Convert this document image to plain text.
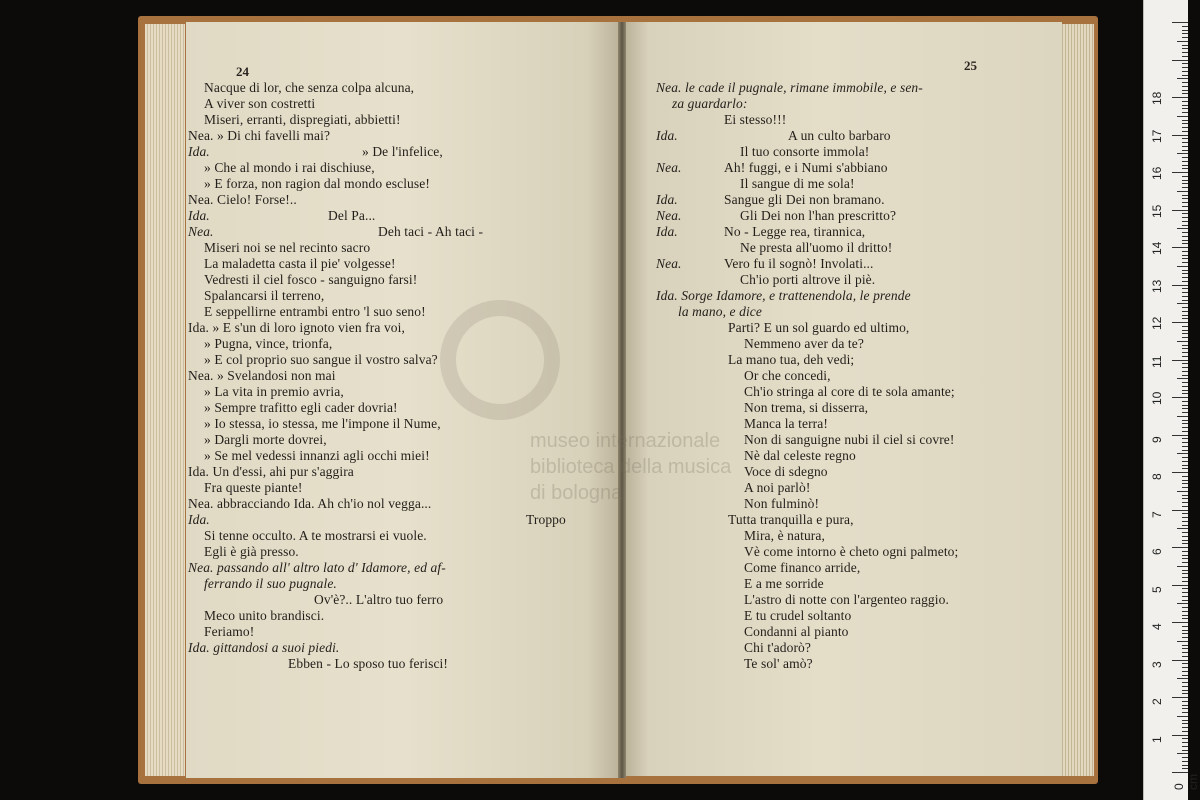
24
Nacque di lor, che senza colpa alcuna,
A viver son costretti
Miseri, erranti, dispregiati, abbietti!
Nea. » Di chi favelli mai?
Ida.	» De l'infelice,
» Che al mondo i rai dischiuse,
» E forza, non ragion dal mondo escluse!
Nea. Cielo! Forse!..
Ida.	Del Pa...
Nea.	Deh taci - Ah taci -
Miseri noi se nel recinto sacro
La maladetta casta il pie' volgesse!
Vedresti il ciel fosco - sanguigno farsi!
Spalancarsi il terreno,
E seppellirne entrambi entro 'l suo seno!
Ida. » E s'un di loro ignoto vien fra voi,
» Pugna, vince, trionfa,
» E col proprio suo sangue il vostro salva?
Nea. » Svelandosi non mai
» La vita in premio avria,
» Sempre trafitto egli cader dovria!
» Io stessa, io stessa, me l'impone il Nume,
» Dargli morte dovrei,
» Se mel vedessi innanzi agli occhi miei!
Ida. Un d'essi, ahi pur s'aggira
Fra queste piante!
Nea. abbracciando Ida. Ah ch'io nol vegga...
Ida.	Troppo
Si tenne occulto. A te mostrarsi ei vuole.
Egli è già presso.
Nea. passando all' altro lato d' Idamore, ed af-
ferrando il suo pugnale.
Ov'è?.. L'altro tuo ferro
Meco unito brandisci.
Feriamo!
Ida. gittandosi a suoi piedi.
Ebben - Lo sposo tuo ferisci!
25
Nea. le cade il pugnale, rimane immobile, e sen-
za guardarlo:
Ei stesso!!!
Ida.	A un culto barbaro
Il tuo consorte immola!
Nea.	Ah! fuggi, e i Numi s'abbiano
Il sangue di me sola!
Ida.	Sangue gli Dei non bramano.
Nea.	Gli Dei non l'han prescritto?
Ida.	No - Legge rea, tirannica,
Ne presta all'uomo il dritto!
Nea.	Vero fu il sognò! Involati...
Ch'io porti altrove il piè.
Ida. Sorge Idamore, e trattenendola, le prende
la mano, e dice
Parti? E un sol guardo ed ultimo,
Nemmeno aver da te?
La mano tua, deh vedi;
Or che concedi,
Ch'io stringa al core di te sola amante;
Non trema, si disserra,
Manca la terra!
Non di sanguigne nubi il ciel si covre!
Nè dal celeste regno
Voce di sdegno
A noi parlò!
Non fulminò!
Tutta tranquilla e pura,
Mira, è natura,
Vè come intorno è cheto ogni palmeto;
Come financo arride,
E a me sorride
L'astro di notte con l'argenteo raggio.
E tu crudel soltanto
Condanni al pianto
Chi t'adorò?
Te sol' amò?
museo internazionale
biblioteca della musica
di bologna
0 cm
18
17
16
15
14
13
12
11
10
9
8
7
6
5
4
3
2
1
